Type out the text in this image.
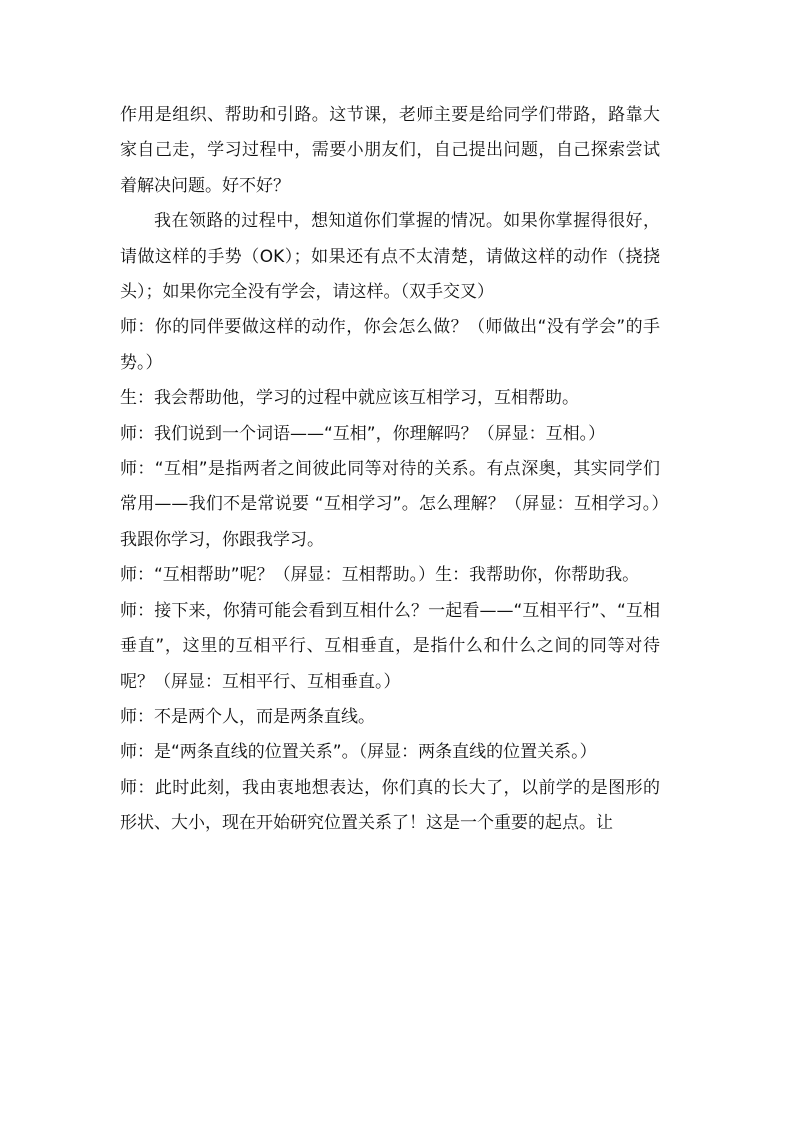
作用是组织、帮助和引路。这节课，老师主要是给同学们带路，路靠大家自己走，学习过程中，需要小朋友们，自己提出问题，自己探索尝试着解决问题。好不好？

我在领路的过程中，想知道你们掌握的情况。如果你掌握得很好，请做这样的手势（OK）；如果还有点不太清楚，请做这样的动作（挠挠头）；如果你完全没有学会，请这样。（双手交叉）

师：你的同伴要做这样的动作，你会怎么做？（师做出“没有学会”的手势。）

生：我会帮助他，学习的过程中就应该互相学习，互相帮助。

师：我们说到一个词语——“互相”，你理解吗？（屏显：互相。）

师：“互相”是指两者之间彼此同等对待的关系。有点深奥，其实同学们常用——我们不是常说要 “互相学习”。怎么理解？（屏显：互相学习。）我跟你学习，你跟我学习。

师：“互相帮助”呢？（屏显：互相帮助。）生：我帮助你，你帮助我。

师：接下来，你猜可能会看到互相什么？一起看——“互相平行”、“互相垂直”，这里的互相平行、互相垂直，是指什么和什么之间的同等对待呢？（屏显：互相平行、互相垂直。）

师：不是两个人，而是两条直线。

师：是“两条直线的位置关系”。（屏显：两条直线的位置关系。）

师：此时此刻，我由衷地想表达，你们真的长大了，以前学的是图形的形状、大小，现在开始研究位置关系了！这是一个重要的起点。让
